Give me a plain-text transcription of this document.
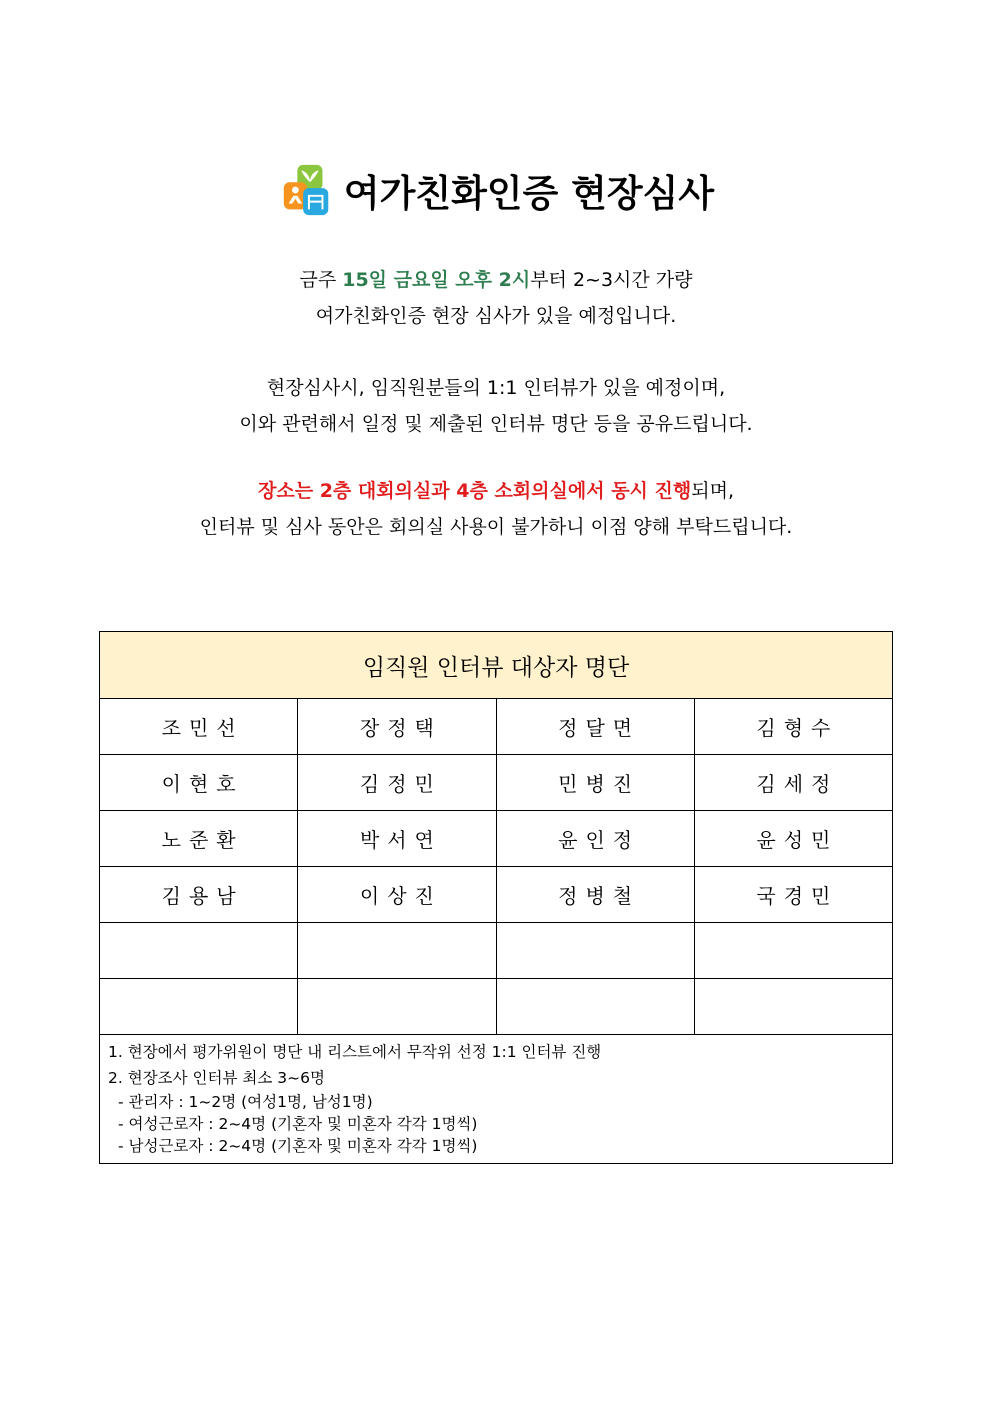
여가친화인증 현장심사
금주 15일 금요일 오후 2시부터 2~3시간 가량
여가친화인증 현장 심사가 있을 예정입니다.
현장심사시, 임직원분들의 1:1 인터뷰가 있을 예정이며,
이와 관련해서 일정 및 제출된 인터뷰 명단 등을 공유드립니다.
장소는 2층 대회의실과 4층 소회의실에서 동시 진행되며,
인터뷰 및 심사 동안은 회의실 사용이 불가하니 이점 양해 부탁드립니다.
임직원 인터뷰 대상자 명단			
조민선	장정택	정달면	김형수
이현호	김정민	민병진	김세정
노준환	박서연	윤인정	윤성민
김용남	이상진	정병철	국경민

1. 현장에서 평가위원이 명단 내 리스트에서 무작위 선정 1:1 인터뷰 진행
2. 현장조사 인터뷰 최소 3~6명
- 관리자 : 1~2명 (여성1명, 남성1명)
- 여성근로자 : 2~4명 (기혼자 및 미혼자 각각 1명씩)
- 남성근로자 : 2~4명 (기혼자 및 미혼자 각각 1명씩)			
